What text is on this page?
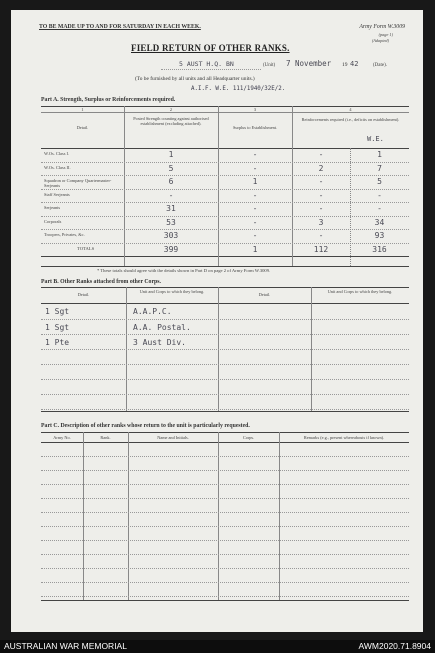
TO BE MADE UP TO AND FOR SATURDAY IN EACH WEEK.	Army Form W.3009
(page 1)
(Adapted)
FIELD RETURN OF OTHER RANKS.
5 AUST H.Q. BN	(Unit) 7 November 19 42	(Date).
(To be furnished by all units and all Headquarter units.)
A.I.F. W.E. 111/1940/32E/2.
Part A. Strength, Surplus or Reinforcements required.
1	2	3	4
Detail.
Posted Strength counting against authorised establishment (excluding attached).
Surplus to Establishment.
Reinforcements required (i.e., deficits on establishment).
W.E.
W.Os. Class I.	1	-	-	1
W.Os. Class II.	5	-	2	7
Squadron or Company Quartermaster-Serjeants	6	1	-	5
Staff Serjeants	-	-	-	-
Serjeants	31	-	-	-
Corporals	53	-	3	34
Troopers, Privates, &c.	303	-	-	93
TOTALS	399	1	112	316
* These totals should agree with the details shown in Part D on page 2 of Army Form W.3009.
Part B. Other Ranks attached from other Corps.
Detail.
Unit and Corps to which they belong.
Detail.
Unit and Corps to which they belong.
1 Sgt	A.A.P.C.
1 Sgt	A.A. Postal.
1 Pte	3 Aust Div.
Part C. Description of other ranks whose return to the unit is particularly requested.
Army No.	Rank.	Name and Initials.	Corps.	Remarks (e.g., present whereabouts if known).
AUSTRALIAN WAR MEMORIAL	AWM2020.71.8904
